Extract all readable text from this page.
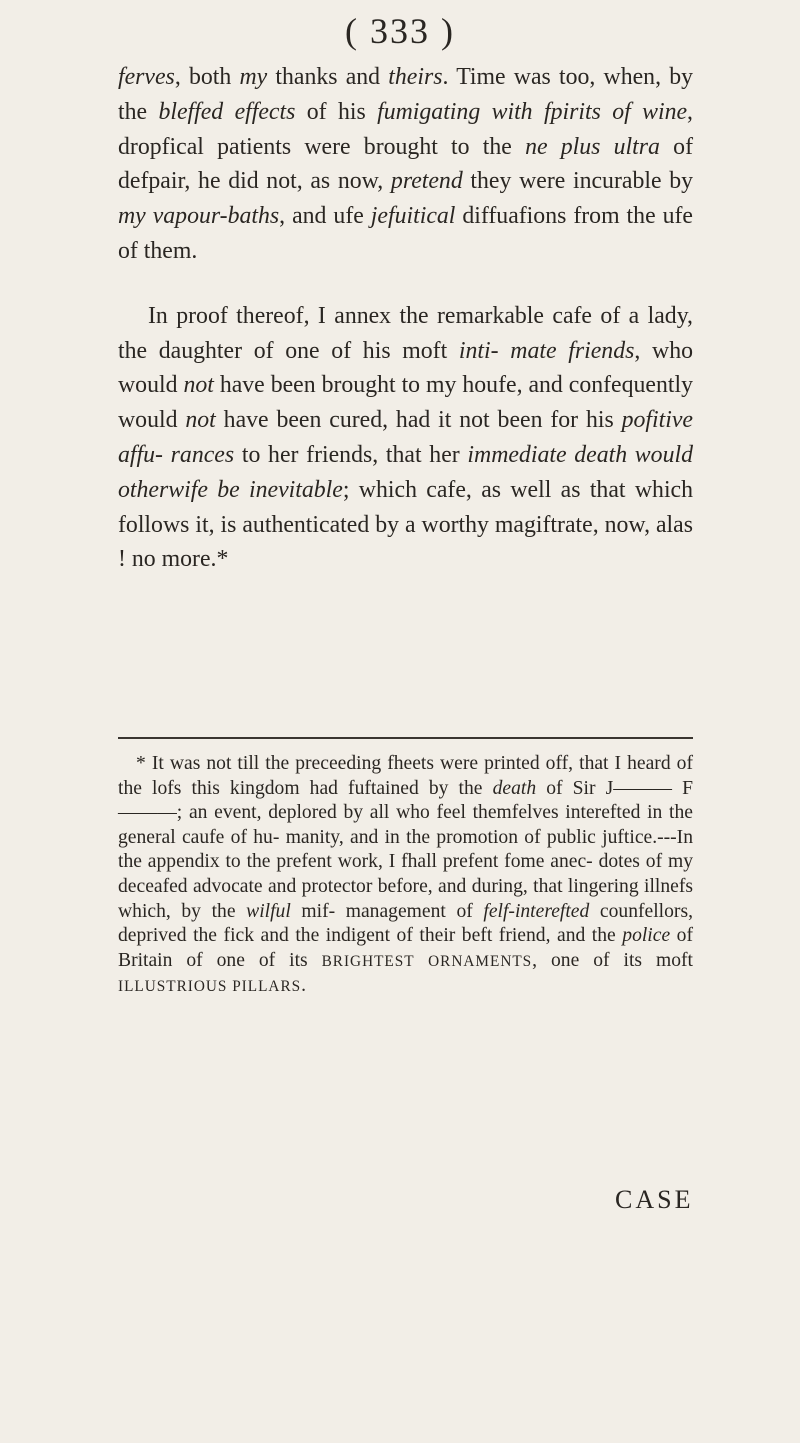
( 333 )

ferves, both my thanks and theirs. Time was too, when, by the bleffed effects of his fumigating with fpirits of wine, dropfical patients were brought to the ne plus ultra of defpair, he did not, as now, pretend they were incurable by my vapour-baths, and ufe jefuitical diffuafions from the ufe of them.

In proof thereof, I annex the remarkable cafe of a lady, the daughter of one of his moft inti- mate friends, who would not have been brought to my houfe, and confequently would not have been cured, had it not been for his pofitive affu- rances to her friends, that her immediate death would otherwife be inevitable; which cafe, as well as that which follows it, is authenticated by a worthy magiftrate, now, alas ! no more.*

* It was not till the preceeding fheets were printed off, that I heard of the lofs this kingdom had fuftained by the death of Sir J——— F———; an event, deplored by all who feel themfelves interefted in the general caufe of hu- manity, and in the promotion of public juftice.---In the appendix to the prefent work, I fhall prefent fome anec- dotes of my deceafed advocate and protector before, and during, that lingering illnefs which, by the wilful mif- management of felf-interefted counfellors, deprived the fick and the indigent of their beft friend, and the police of Britain of one of its BRIGHTEST ORNAMENTS, one of its moft ILLUSTRIOUS PILLARS.

CASE
